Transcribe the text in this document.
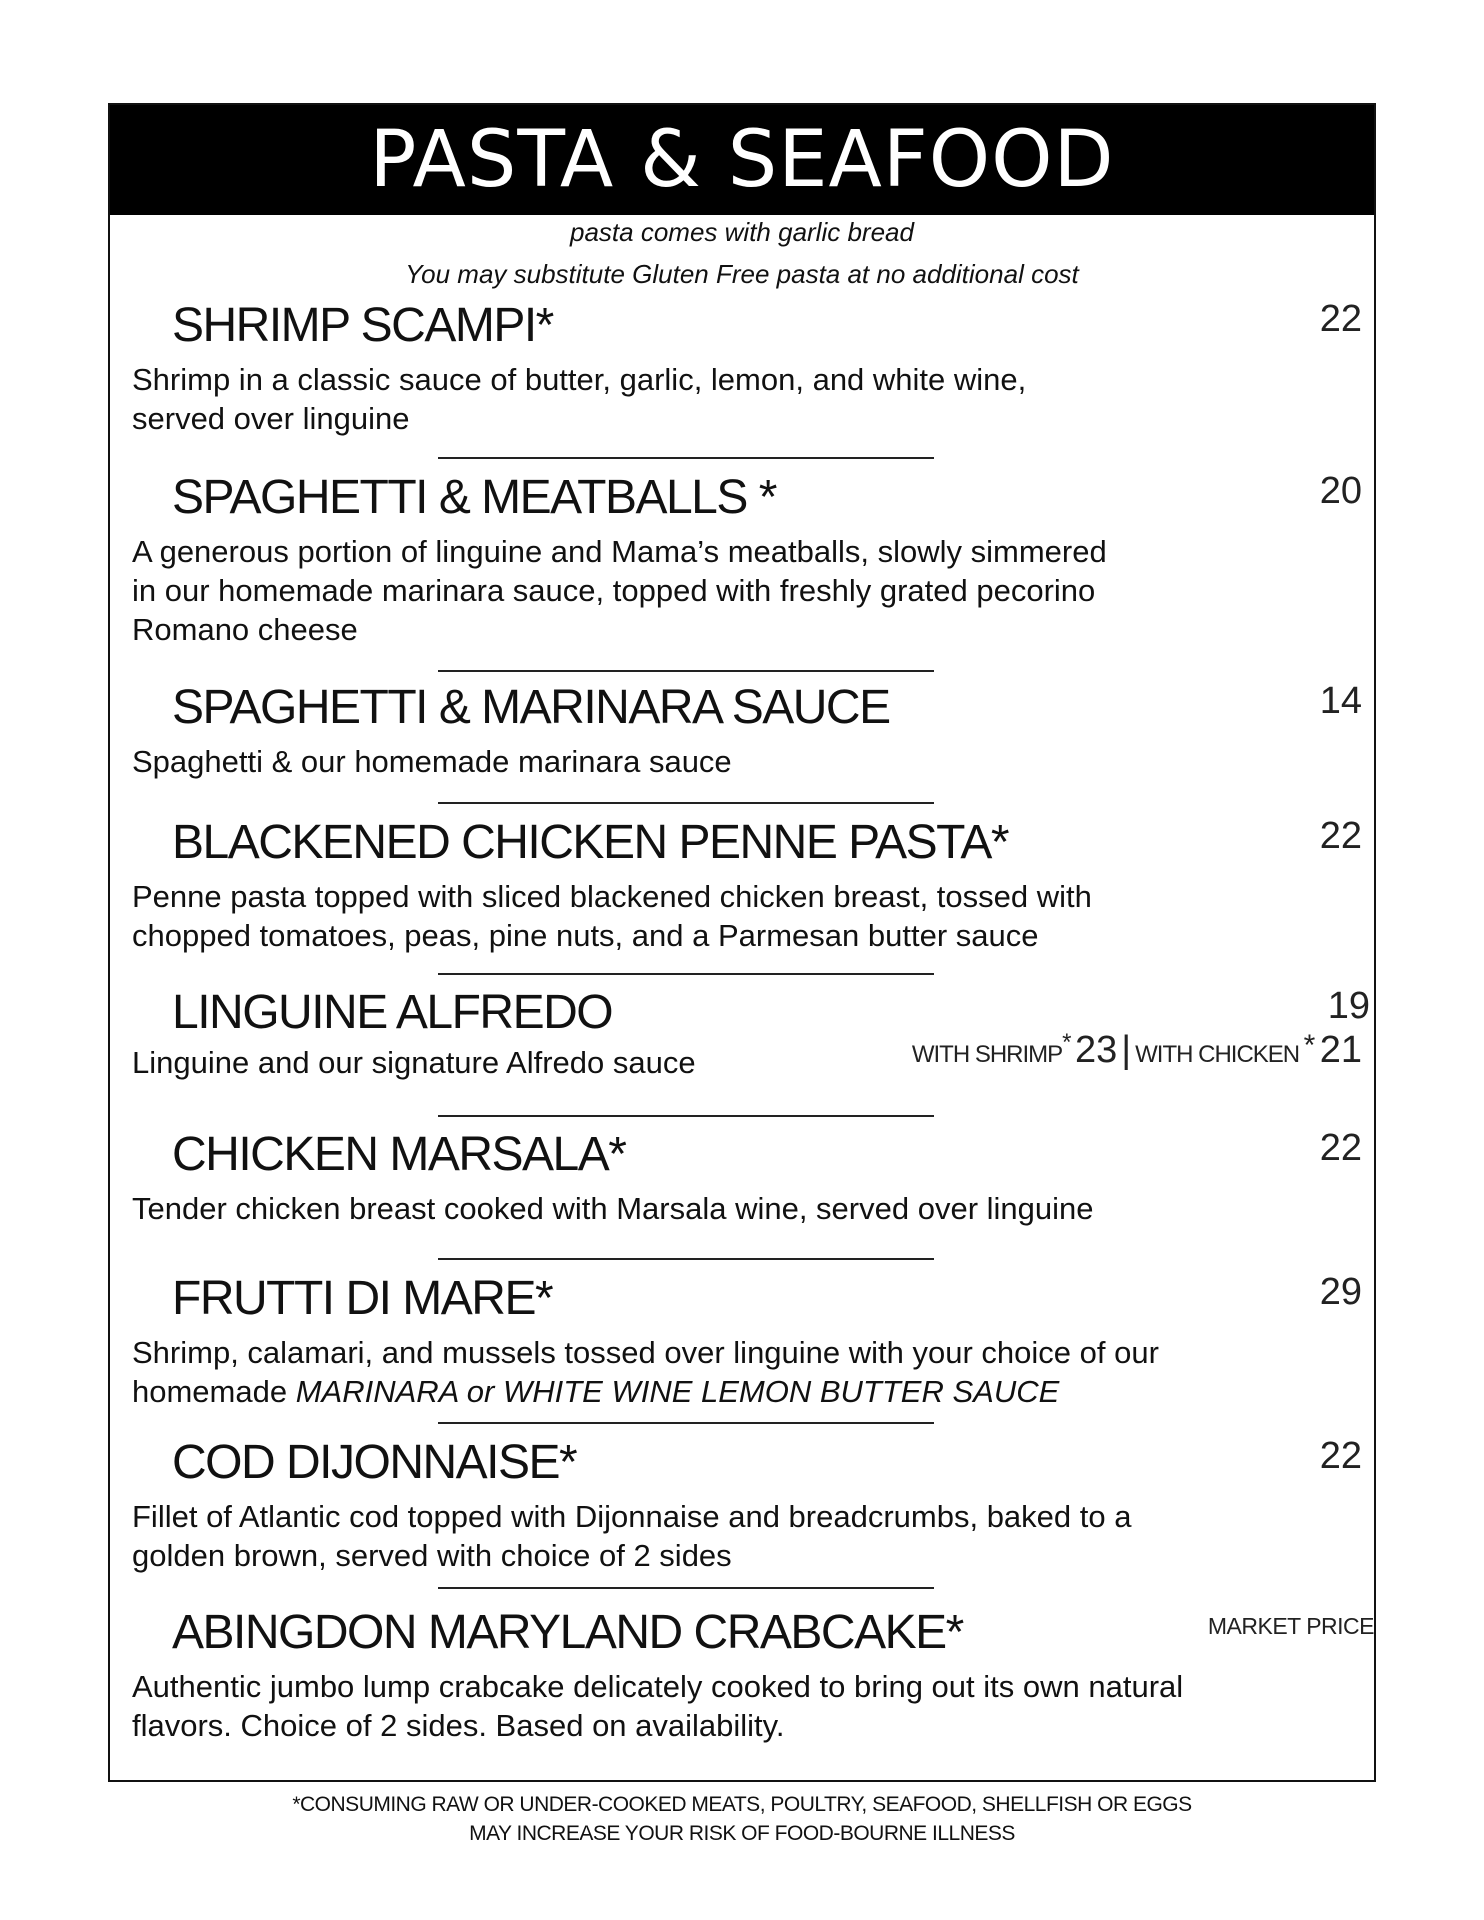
PASTA & SEAFOOD
pasta comes with garlic bread
You may substitute Gluten Free pasta at no additional cost
SHRIMP SCAMPI*	22
Shrimp in a classic sauce of butter, garlic, lemon, and white wine,
served over linguine
SPAGHETTI & MEATBALLS *	20
A generous portion of linguine and Mama’s meatballs, slowly simmered
in our homemade marinara sauce, topped with freshly grated pecorino
Romano cheese
SPAGHETTI & MARINARA SAUCE	14
Spaghetti & our homemade marinara sauce
BLACKENED CHICKEN PENNE PASTA*	22
Penne pasta topped with sliced blackened chicken breast, tossed with
chopped tomatoes, peas, pine nuts, and a Parmesan butter sauce
LINGUINE ALFREDO	19
WITH SHRIMP* 23 | WITH CHICKEN * 21
Linguine and our signature Alfredo sauce
CHICKEN MARSALA*	22
Tender chicken breast cooked with Marsala wine, served over linguine
FRUTTI DI MARE*	29
Shrimp, calamari, and mussels tossed over linguine with your choice of our
homemade MARINARA or WHITE WINE LEMON BUTTER SAUCE
COD DIJONNAISE*	22
Fillet of Atlantic cod topped with Dijonnaise and breadcrumbs, baked to a
golden brown, served with choice of 2 sides
ABINGDON MARYLAND CRABCAKE*	MARKET PRICE
Authentic jumbo lump crabcake delicately cooked to bring out its own natural
flavors. Choice of 2 sides. Based on availability.
*CONSUMING RAW OR UNDER-COOKED MEATS, POULTRY, SEAFOOD, SHELLFISH OR EGGS
MAY INCREASE YOUR RISK OF FOOD-BOURNE ILLNESS
